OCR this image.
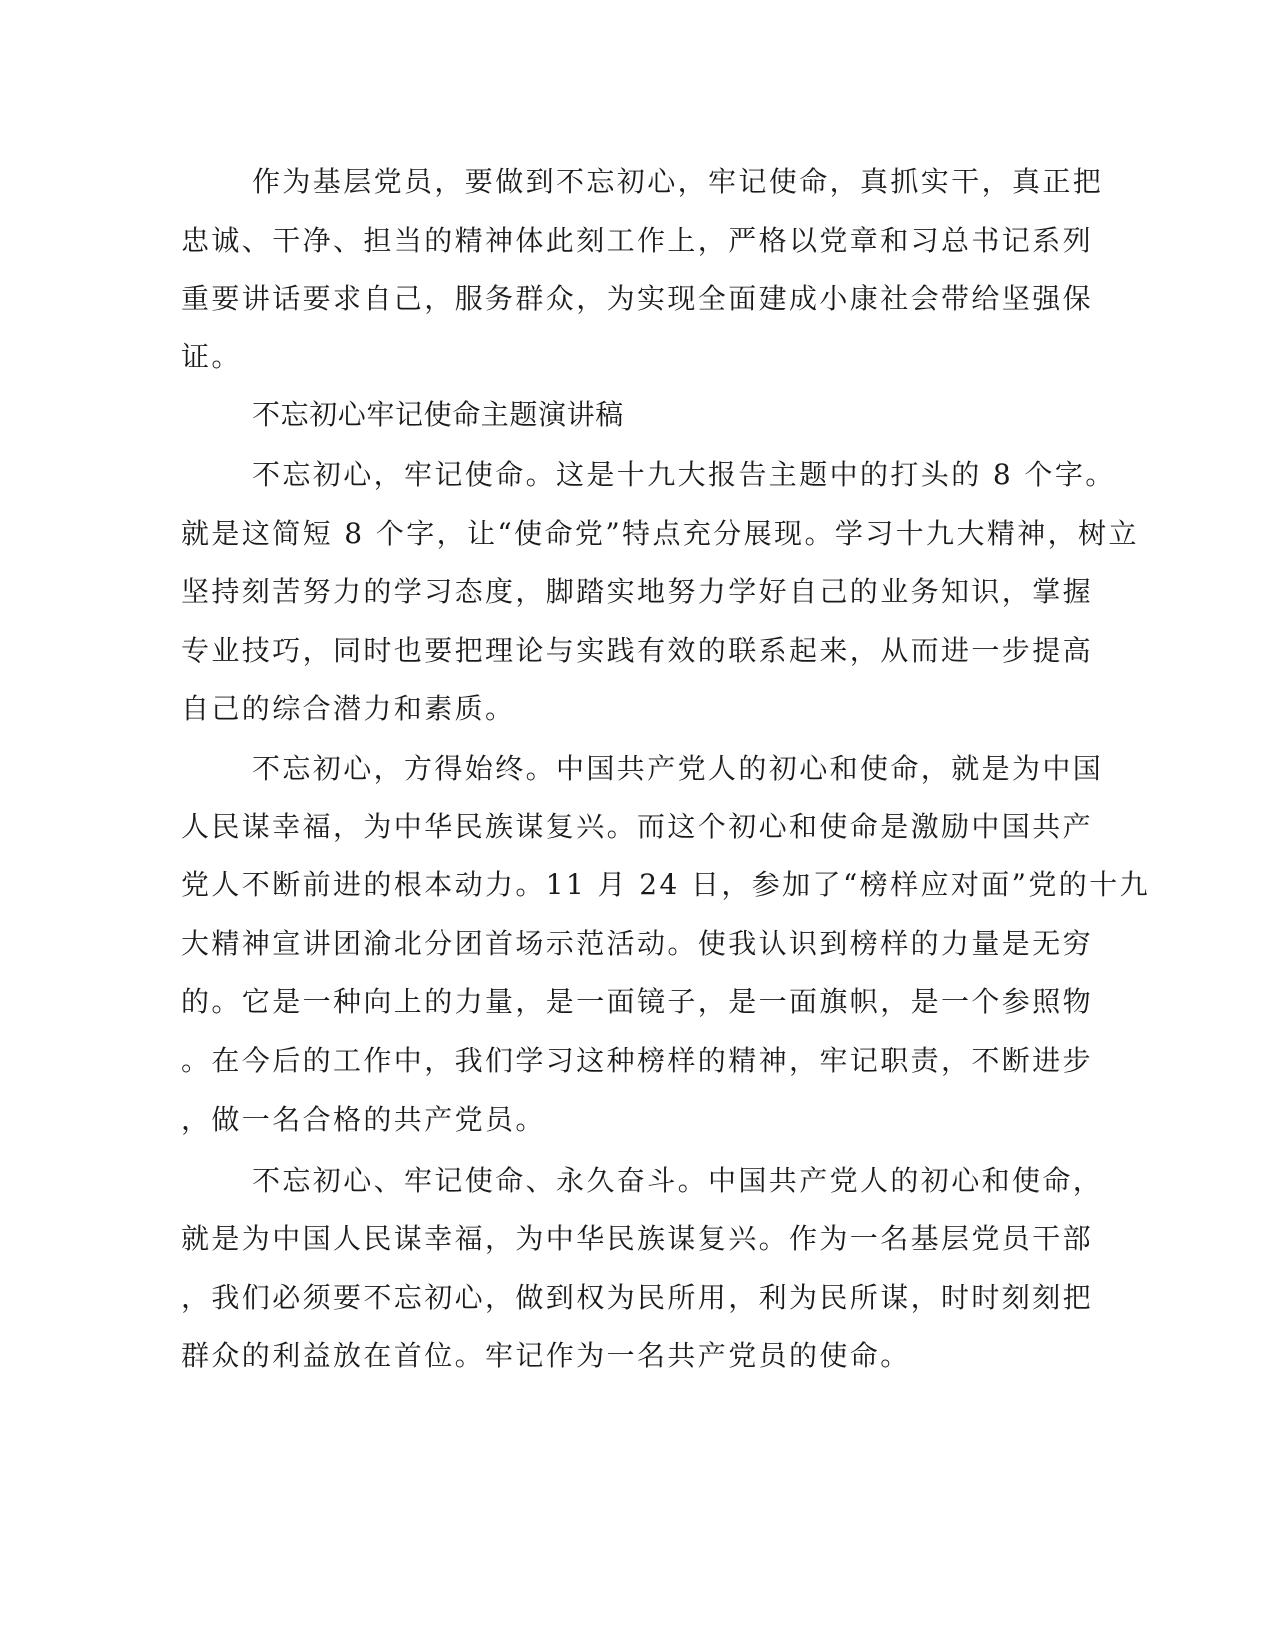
作为基层党员，要做到不忘初心，牢记使命，真抓实干，真正把
忠诚、干净、担当的精神体此刻工作上，严格以党章和习总书记系列
重要讲话要求自己，服务群众，为实现全面建成小康社会带给坚强保
证。
不忘初心牢记使命主题演讲稿
不忘初心，牢记使命。这是十九大报告主题中的打头的 8 个字。
就是这简短 8 个字，让“使命党”特点充分展现。学习十九大精神，树立
坚持刻苦努力的学习态度，脚踏实地努力学好自己的业务知识，掌握
专业技巧，同时也要把理论与实践有效的联系起来，从而进一步提高
自己的综合潜力和素质。
不忘初心，方得始终。中国共产党人的初心和使命，就是为中国
人民谋幸福，为中华民族谋复兴。而这个初心和使命是激励中国共产
党人不断前进的根本动力。11 月 24 日，参加了“榜样应对面”党的十九
大精神宣讲团渝北分团首场示范活动。使我认识到榜样的力量是无穷
的。它是一种向上的力量，是一面镜子，是一面旗帜，是一个参照物
。在今后的工作中，我们学习这种榜样的精神，牢记职责，不断进步
，做一名合格的共产党员。
不忘初心、牢记使命、永久奋斗。中国共产党人的初心和使命，
就是为中国人民谋幸福，为中华民族谋复兴。作为一名基层党员干部
，我们必须要不忘初心，做到权为民所用，利为民所谋，时时刻刻把
群众的利益放在首位。牢记作为一名共产党员的使命。
